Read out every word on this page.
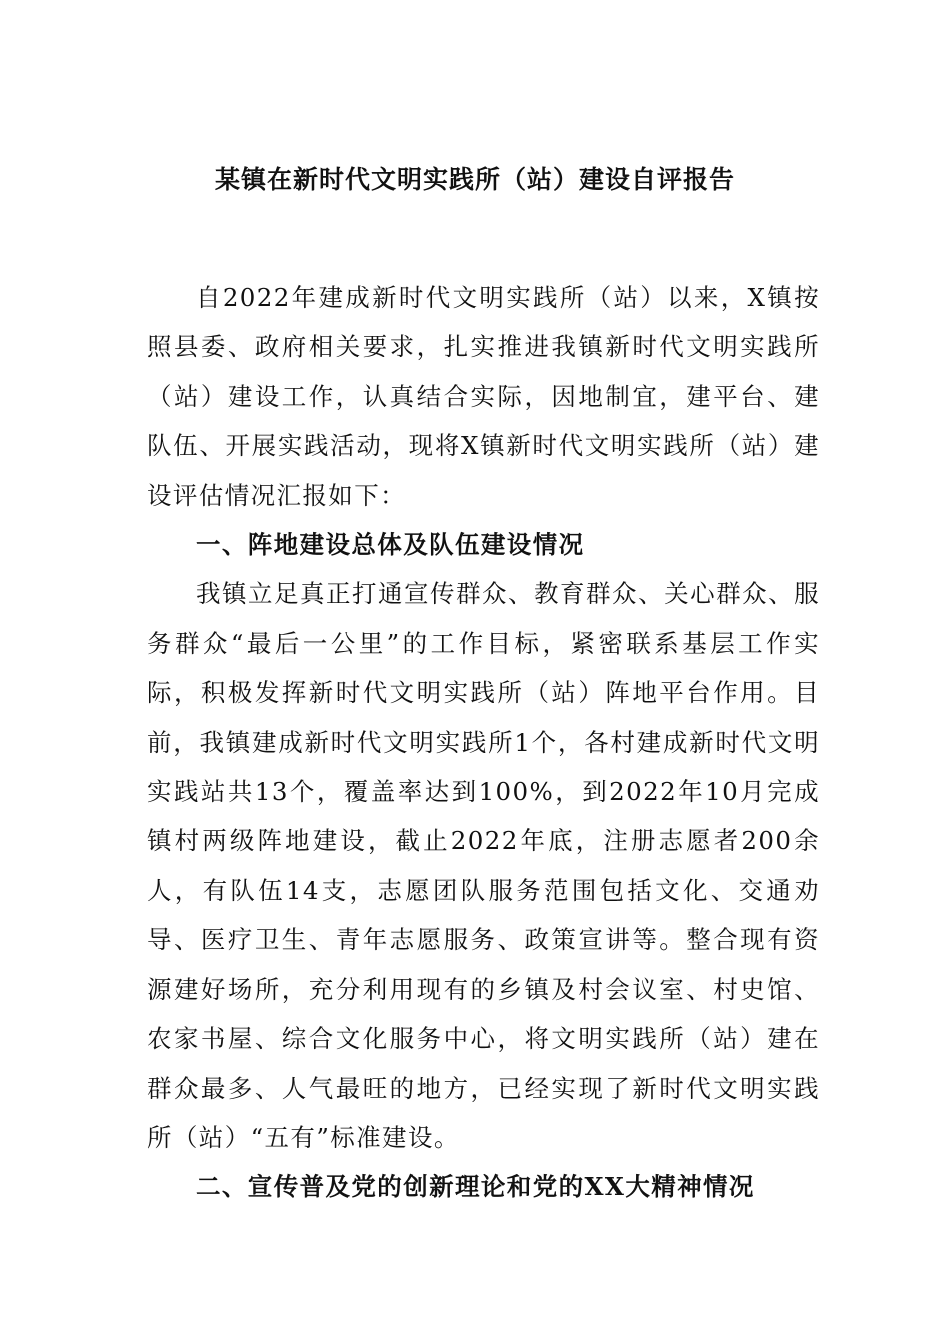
某镇在新时代文明实践所（站）建设自评报告

自2022年建成新时代文明实践所（站）以来，X镇按照县委、政府相关要求，扎实推进我镇新时代文明实践所（站）建设工作，认真结合实际，因地制宜，建平台、建队伍、开展实践活动，现将X镇新时代文明实践所（站）建设评估情况汇报如下：

一、阵地建设总体及队伍建设情况

我镇立足真正打通宣传群众、教育群众、关心群众、服务群众“最后一公里”的工作目标，紧密联系基层工作实际，积极发挥新时代文明实践所（站）阵地平台作用。目前，我镇建成新时代文明实践所1个，各村建成新时代文明实践站共13个，覆盖率达到100%，到2022年10月完成镇村两级阵地建设，截止2022年底，注册志愿者200余人，有队伍14支，志愿团队服务范围包括文化、交通劝导、医疗卫生、青年志愿服务、政策宣讲等。整合现有资源建好场所，充分利用现有的乡镇及村会议室、村史馆、农家书屋、综合文化服务中心，将文明实践所（站）建在群众最多、人气最旺的地方，已经实现了新时代文明实践所（站）“五有”标准建设。

二、宣传普及党的创新理论和党的XX大精神情况
